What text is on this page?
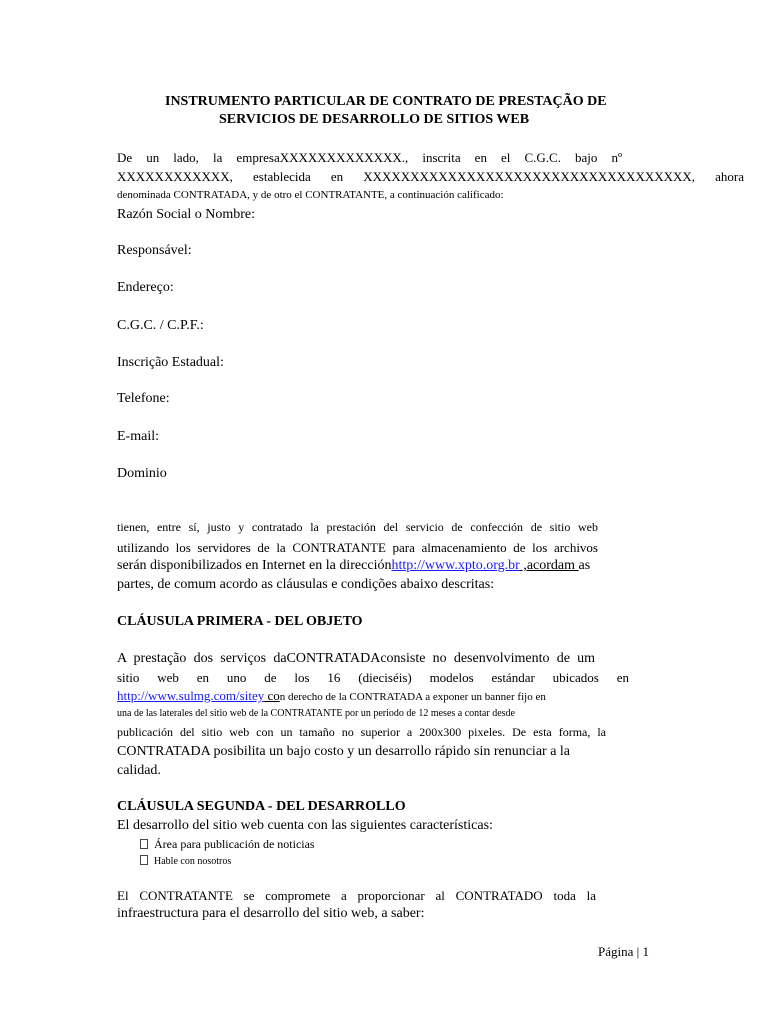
INSTRUMENTO PARTICULAR DE CONTRATO DE PRESTAÇÃO DE
SERVICIOS DE DESARROLLO DE SITIOS WEB
De un lado, la empresaXXXXXXXXXXXXX., inscrita en el C.G.C. bajo nº
XXXXXXXXXXXX, establecida en XXXXXXXXXXXXXXXXXXXXXXXXXXXXXXXXXXX, ahora
denominada CONTRATADA, y de otro el CONTRATANTE, a continuación calificado:
Razón Social o Nombre:
Responsável:
Endereço:
C.G.C. / C.P.F.:
Inscrição Estadual:
Telefone:
E-mail:
Dominio
tienen, entre sí, justo y contratado la prestación del servicio de confección de sitio web
utilizando los servidores de la CONTRATANTE para almacenamiento de los archivos
serán disponibilizados en Internet en la direcciónhttp://www.xpto.org.br ,acordam as
partes, de comum acordo as cláusulas e condições abaixo descritas:
CLÁUSULA PRIMERA - DEL OBJETO
A prestação dos serviços daCONTRATADAconsiste no desenvolvimento de um
sitio web en uno de los 16 (dieciséis) modelos estándar ubicados en
http://www.sulmg.com/sitey con derecho de la CONTRATADA a exponer un banner fijo en
una de las laterales del sitio web de la CONTRATANTE por un periodo de 12 meses a contar desde
publicación del sitio web con un tamaño no superior a 200x300 pixeles. De esta forma, la
CONTRATADA posibilita un bajo costo y un desarrollo rápido sin renunciar a la
calidad.
CLÁUSULA SEGUNDA - DEL DESARROLLO
El desarrollo del sitio web cuenta con las siguientes características:
Área para publicación de noticias
Hable con nosotros
El CONTRATANTE se compromete a proporcionar al CONTRATADO toda la
infraestructura para el desarrollo del sitio web, a saber:
Página | 1
